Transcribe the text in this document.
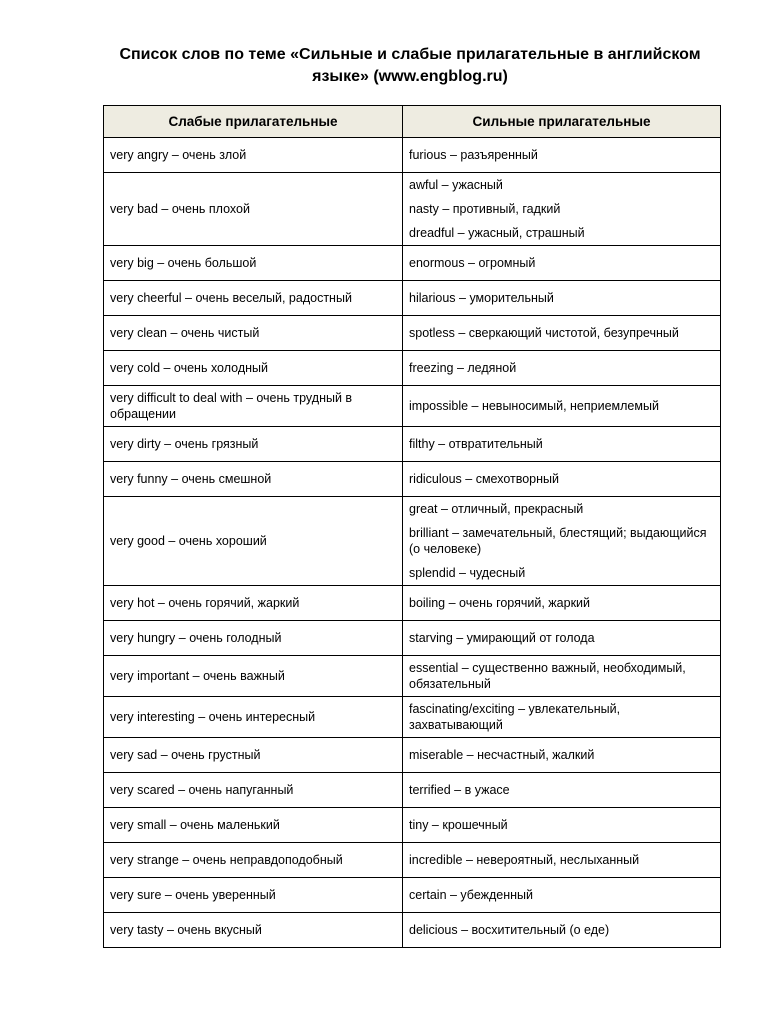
Список слов по теме «Сильные и слабые прилагательные в английском языке» (www.engblog.ru)
Слабые прилагательные	Сильные прилагательные
very angry – очень злой	furious – разъяренный

very bad – очень плохой	awful – ужасный
nasty – противный, гадкий
dreadful – ужасный, страшный

very big – очень большой	enormous – огромный

very cheerful – очень веселый, радостный	hilarious – уморительный

very clean – очень чистый	spotless – сверкающий чистотой, безупречный

very cold – очень холодный	freezing – ледяной

very difficult to deal with – очень трудный в обращении	impossible – невыносимый, неприемлемый

very dirty – очень грязный	filthy – отвратительный

very funny – очень смешной	ridiculous – смехотворный

very good – очень хороший	great – отличный, прекрасный
brilliant – замечательный, блестящий; выдающийся (о человеке)
splendid – чудесный

very hot – очень горячий, жаркий	boiling – очень горячий, жаркий

very hungry – очень голодный	starving – умирающий от голода

very important – очень важный	essential – существенно важный, необходимый, обязательный

very interesting – очень интересный	fascinating/exciting – увлекательный, захватывающий

very sad – очень грустный	miserable – несчастный, жалкий

very scared – очень напуганный	terrified – в ужасе

very small – очень маленький	tiny – крошечный

very strange – очень неправдоподобный	incredible – невероятный, неслыханный

very sure – очень уверенный	certain – убежденный

very tasty – очень вкусный	delicious – восхитительный (о еде)
